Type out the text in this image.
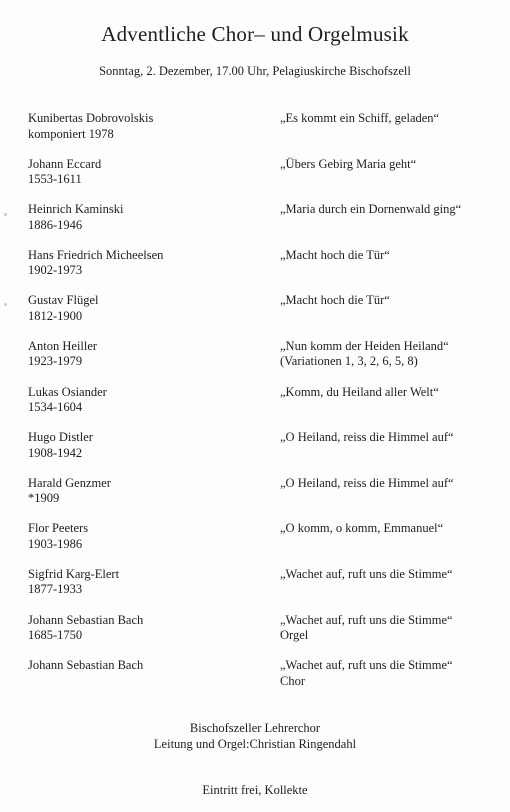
Adventliche Chor– und Orgelmusik
Sonntag, 2. Dezember, 17.00 Uhr, Pelagiuskirche Bischofszell
Kunibertas Dobrovolskis
komponiert 1978
„Es kommt ein Schiff, geladen“
Johann Eccard
1553-1611
„Übers Gebirg Maria geht“
Heinrich Kaminski
1886-1946
„Maria durch ein Dornenwald ging“
Hans Friedrich Micheelsen
1902-1973
„Macht hoch die Tür“
Gustav Flügel
1812-1900
„Macht hoch die Tür“
Anton Heiller
1923-1979
„Nun komm der Heiden Heiland“
(Variationen 1, 3, 2, 6, 5, 8)
Lukas Osiander
1534-1604
„Komm, du Heiland aller Welt“
Hugo Distler
1908-1942
„O Heiland, reiss die Himmel auf“
Harald Genzmer
*1909
„O Heiland, reiss die Himmel auf“
Flor Peeters
1903-1986
„O komm, o komm, Emmanuel“
Sigfrid Karg-Elert
1877-1933
„Wachet auf, ruft uns die Stimme“
Johann Sebastian Bach
1685-1750
„Wachet auf, ruft uns die Stimme“
Orgel
Johann Sebastian Bach	„Wachet auf, ruft uns die Stimme“
Chor
Bischofszeller Lehrerchor
Leitung und Orgel:Christian Ringendahl
Eintritt frei, Kollekte
